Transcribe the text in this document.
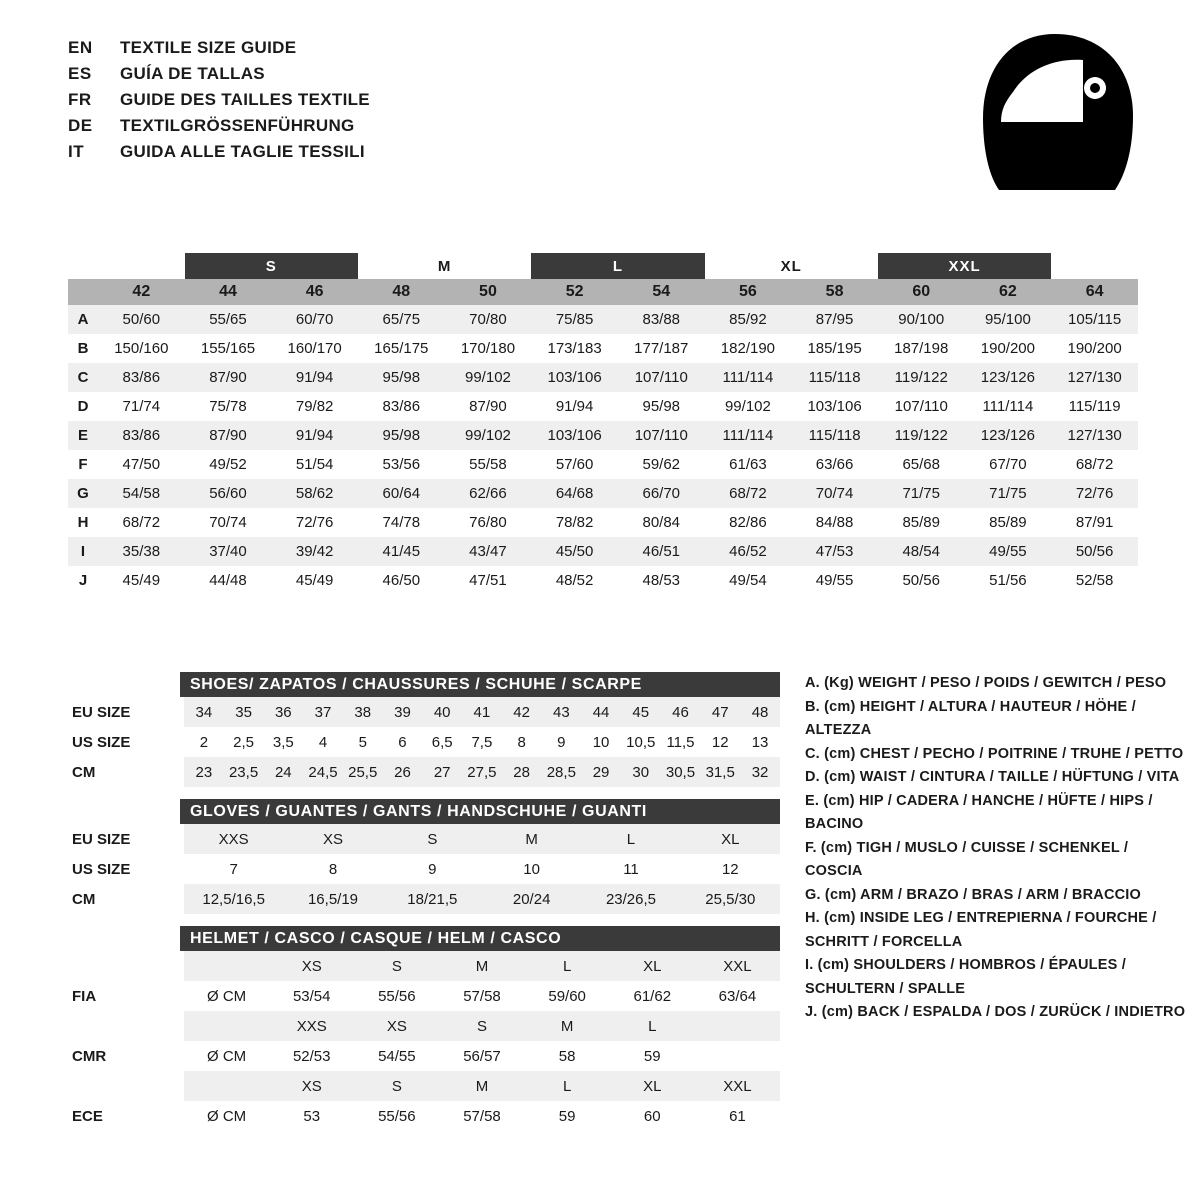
EN	TEXTILE SIZE GUIDE
ES	GUÍA DE TALLAS
FR	GUIDE DES TAILLES TEXTILE
DE	TEXTILGRÖSSENFÜHRUNG
IT	GUIDA ALLE TAGLIE TESSILI
		S		M		L		XL		XXL		
	42	44	46	48	50	52	54	56	58	60	62	64
A	50/60	55/65	60/70	65/75	70/80	75/85	83/88	85/92	87/95	90/100	95/100	105/115
B	150/160	155/165	160/170	165/175	170/180	173/183	177/187	182/190	185/195	187/198	190/200	190/200
C	83/86	87/90	91/94	95/98	99/102	103/106	107/110	111/114	115/118	119/122	123/126	127/130
D	71/74	75/78	79/82	83/86	87/90	91/94	95/98	99/102	103/106	107/110	111/114	115/119
E	83/86	87/90	91/94	95/98	99/102	103/106	107/110	111/114	115/118	119/122	123/126	127/130
F	47/50	49/52	51/54	53/56	55/58	57/60	59/62	61/63	63/66	65/68	67/70	68/72
G	54/58	56/60	58/62	60/64	62/66	64/68	66/70	68/72	70/74	71/75	71/75	72/76
H	68/72	70/74	72/76	74/78	76/80	78/82	80/84	82/86	84/88	85/89	85/89	87/91
I	35/38	37/40	39/42	41/45	43/47	45/50	46/51	46/52	47/53	48/54	49/55	50/56
J	45/49	44/48	45/49	46/50	47/51	48/52	48/53	49/54	49/55	50/56	51/56	52/58
SHOES/ ZAPATOS / CHAUSSURES / SCHUHE / SCARPE
EU SIZE	34	35	36	37	38	39	40	41	42	43	44	45	46	47	48
US SIZE	2	2,5	3,5	4	5	6	6,5	7,5	8	9	10	10,5	11,5	12	13
CM	23	23,5	24	24,5	25,5	26	27	27,5	28	28,5	29	30	30,5	31,5	32
GLOVES / GUANTES / GANTS / HANDSCHUHE / GUANTI
EU SIZE	XXS	XS	S	M	L	XL
US SIZE	7	8	9	10	11	12
CM	12,5/16,5	16,5/19	18/21,5	20/24	23/26,5	25,5/30
HELMET / CASCO / CASQUE / HELM / CASCO
		XS	S	M	L	XL	XXL
FIA	Ø CM	53/54	55/56	57/58	59/60	61/62	63/64
		XXS	XS	S	M	L	
CMR	Ø CM	52/53	54/55	56/57	58	59	
		XS	S	M	L	XL	XXL
ECE	Ø CM	53	55/56	57/58	59	60	61
A. (Kg) WEIGHT / PESO / POIDS / GEWITCH / PESO
B. (cm) HEIGHT / ALTURA / HAUTEUR / HÖHE / ALTEZZA
C. (cm) CHEST / PECHO / POITRINE / TRUHE / PETTO
D. (cm) WAIST / CINTURA / TAILLE / HÜFTUNG / VITA
E. (cm) HIP / CADERA / HANCHE / HÜFTE / HIPS / BACINO
F. (cm) TIGH / MUSLO / CUISSE / SCHENKEL / COSCIA
G. (cm) ARM / BRAZO / BRAS / ARM / BRACCIO
H. (cm) INSIDE LEG / ENTREPIERNA / FOURCHE / SCHRITT / FORCELLA
I. (cm) SHOULDERS / HOMBROS / ÉPAULES / SCHULTERN / SPALLE
J. (cm) BACK / ESPALDA / DOS / ZURÜCK / INDIETRO
